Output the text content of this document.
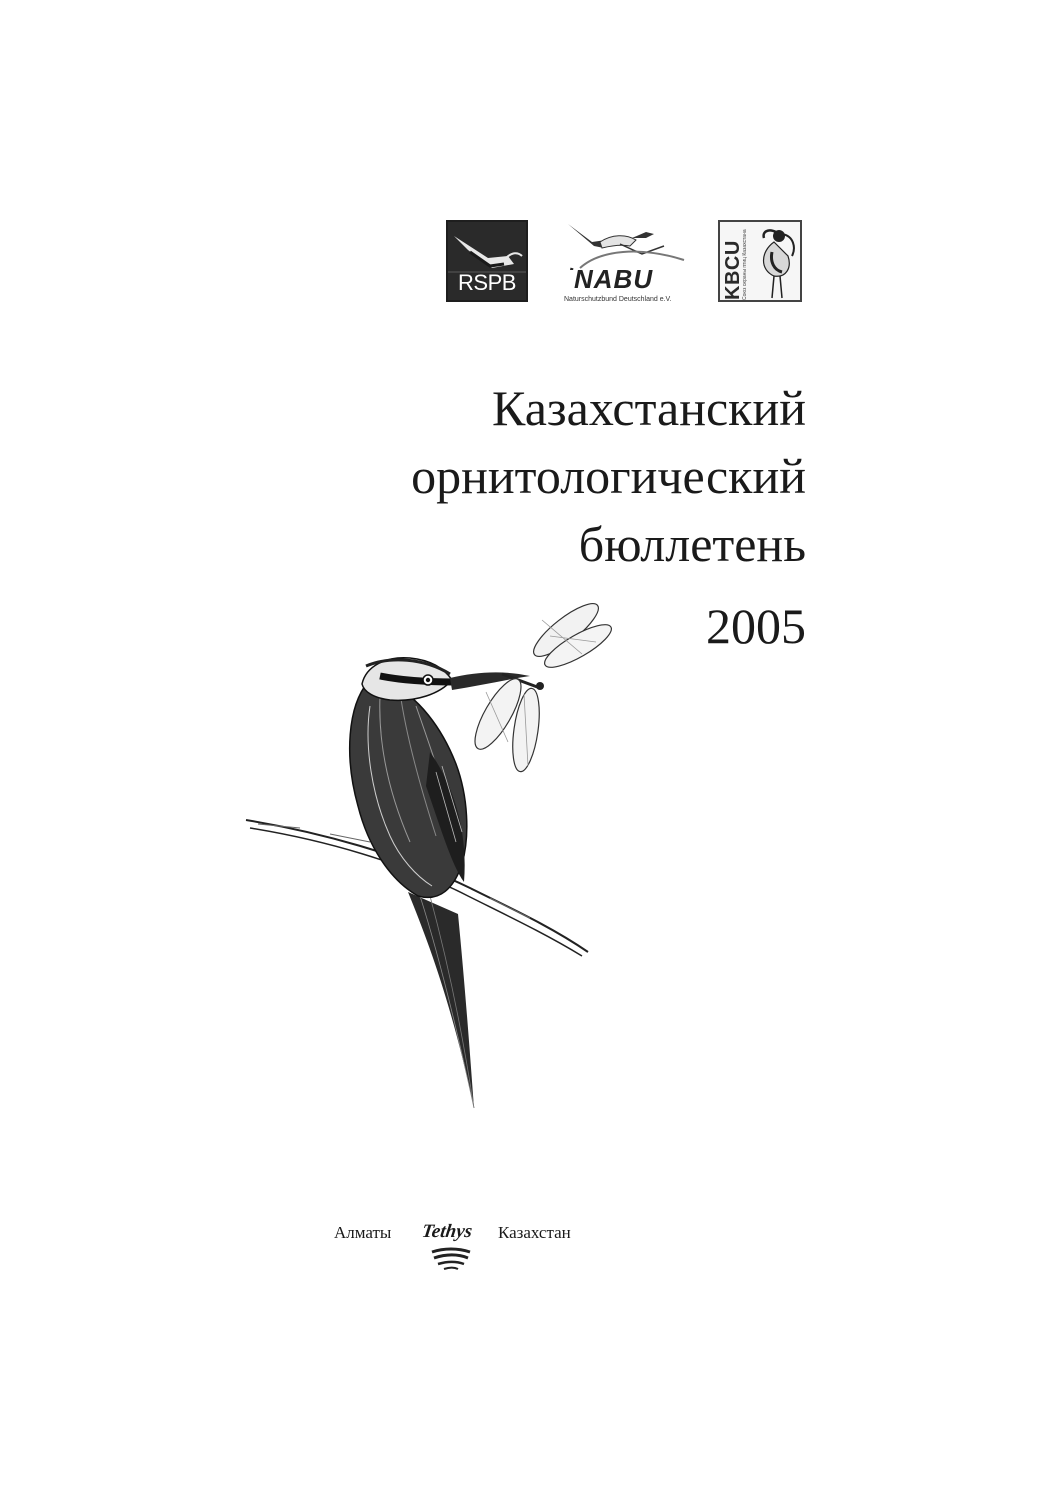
RSPB	NABU
Naturschutzbund Deutschland e.V.	KBCU
Союз охраны птиц Казахстана
Казахстанский
орнитологический
бюллетень
2005
Алматы Tethys Казахстан
